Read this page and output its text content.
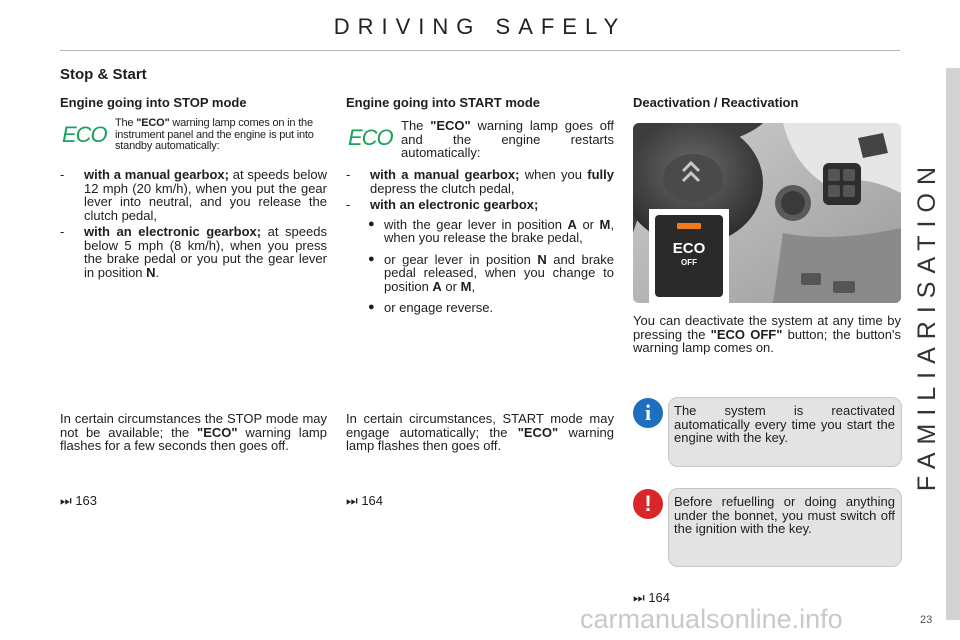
DRIVING SAFELY
FAMILIARISATION
Stop & Start
Engine going into STOP mode
ECO The "ECO" warning lamp comes on in the instrument panel and the engine is put into standby automatically:
- with a manual gearbox; at speeds below 12 mph (20 km/h), when you put the gear lever into neutral, and you release the clutch pedal,
- with an electronic gearbox; at speeds below 5 mph (8 km/h), when you press the brake pedal or you put the gear lever in position N.
In certain circumstances the STOP mode may not be available; the "ECO" warning lamp flashes for a few seconds then goes off.
⏭ 163
Engine going into START mode
ECO The "ECO" warning lamp goes off and the engine restarts automatically:
- with a manual gearbox; when you fully depress the clutch pedal,
- with an electronic gearbox;
● with the gear lever in position A or M, when you release the brake pedal,
● or gear lever in position N and brake pedal released, when you change to position A or M,
● or engage reverse.
In certain circumstances, START mode may engage automatically; the "ECO" warning lamp flashes then goes off.
⏭ 164
Deactivation / Reactivation
ECO
OFF
You can deactivate the system at any time by pressing the "ECO OFF" button; the button's warning lamp comes on.
i	The system is reactivated automatically every time you start the engine with the key.
!	Before refuelling or doing anything under the bonnet, you must switch off the ignition with the key.
⏭ 164
carmanualsonline.info	23
